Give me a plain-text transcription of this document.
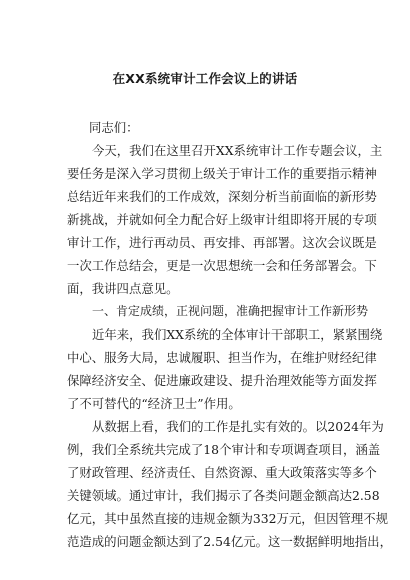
在XX系统审计工作会议上的讲话
同志们：
今天，我们在这里召开XX系统审计工作专题会议，主
要任务是深入学习贯彻上级关于审计工作的重要指示精神
总结近年来我们的工作成效，深刻分析当前面临的新形势
新挑战，并就如何全力配合好上级审计组即将开展的专项
审计工作，进行再动员、再安排、再部署。这次会议既是
一次工作总结会，更是一次思想统一会和任务部署会。下
面，我讲四点意见。
一、肯定成绩，正视问题，准确把握审计工作新形势
近年来，我们XX系统的全体审计干部职工，紧紧围绕
中心、服务大局，忠诚履职、担当作为，在维护财经纪律
保障经济安全、促进廉政建设、提升治理效能等方面发挥
了不可替代的“经济卫士”作用。
从数据上看，我们的工作是扎实有效的。以2024年为
例，我们全系统共完成了18个审计和专项调查项目，涵盖
了财政管理、经济责任、自然资源、重大政策落实等多个
关键领域。通过审计，我们揭示了各类问题金额高达2.58
亿元，其中虽然直接的违规金额为332万元，但因管理不规
范造成的问题金额达到了2.54亿元。这一数据鲜明地指出，
